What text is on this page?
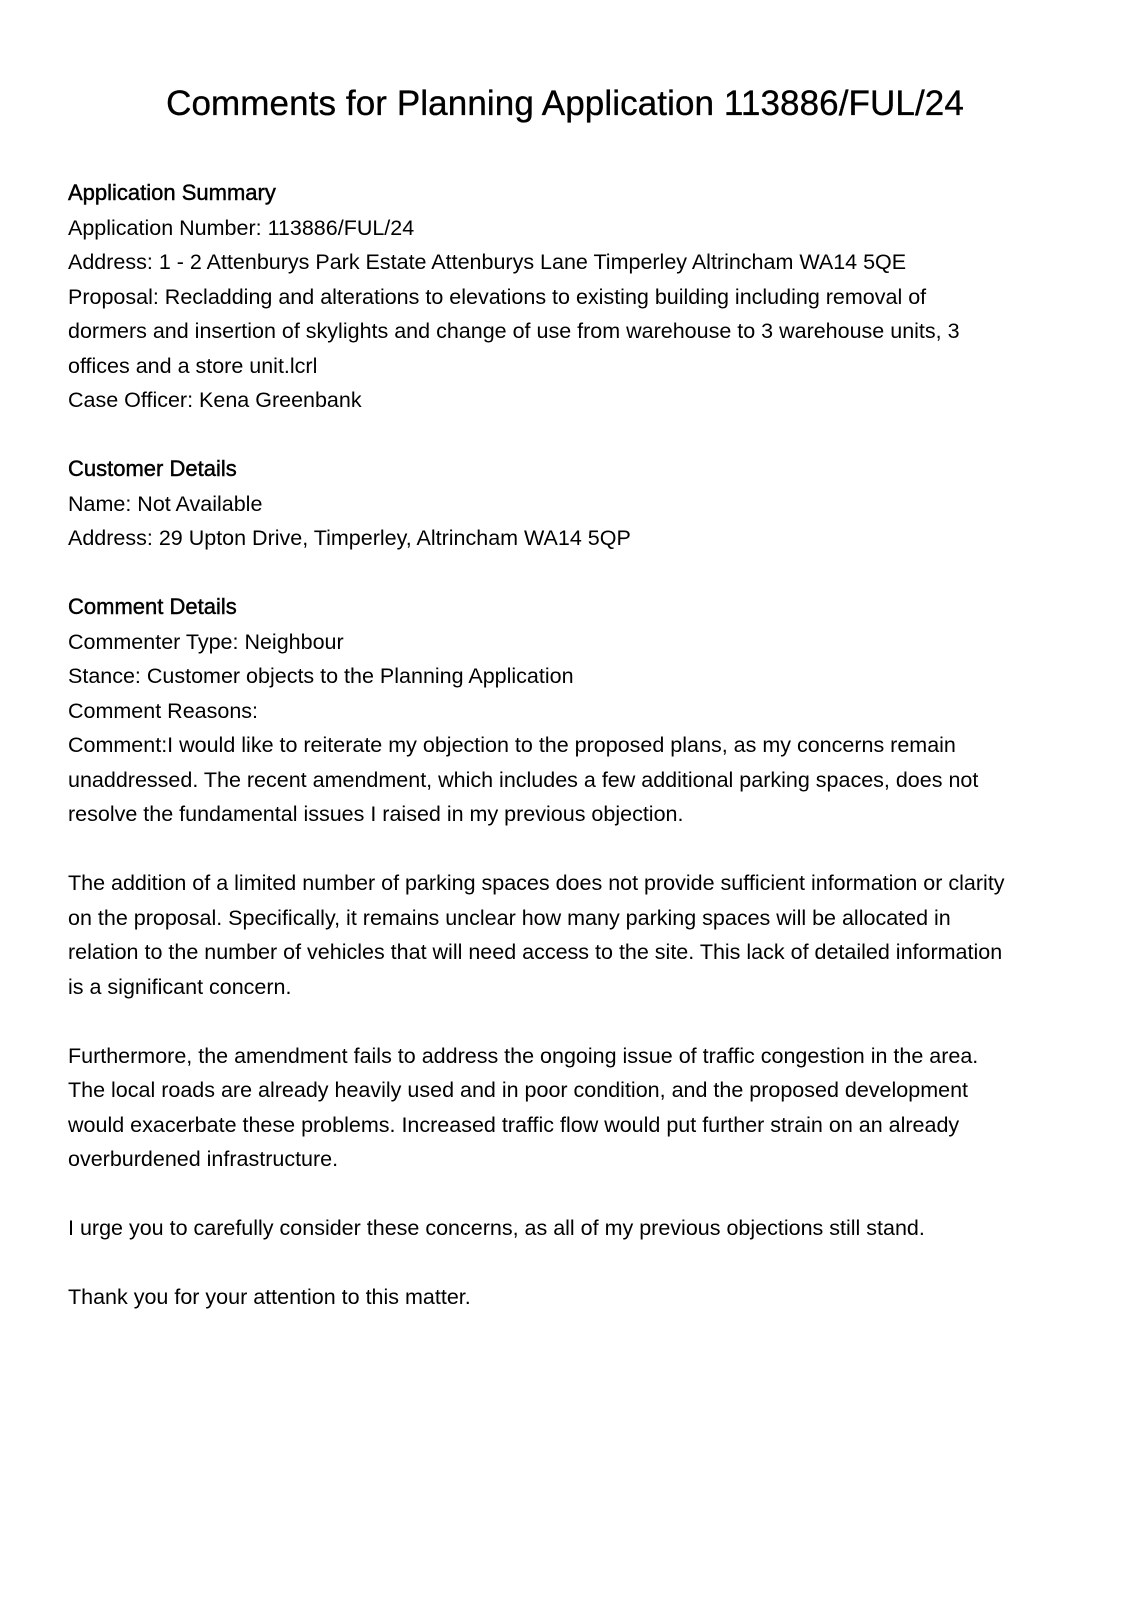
Comments for Planning Application 113886/FUL/24

Application Summary

Application Number: 113886/FUL/24

Address: 1 - 2 Attenburys Park Estate Attenburys Lane Timperley Altrincham WA14 5QE

Proposal: Recladding and alterations to elevations to existing building including removal of

dormers and insertion of skylights and change of use from warehouse to 3 warehouse units, 3

offices and a store unit.lcrl

Case Officer: Kena Greenbank

Customer Details

Name: Not Available

Address: 29 Upton Drive, Timperley, Altrincham WA14 5QP

Comment Details

Commenter Type: Neighbour

Stance: Customer objects to the Planning Application

Comment Reasons:

Comment:I would like to reiterate my objection to the proposed plans, as my concerns remain

unaddressed. The recent amendment, which includes a few additional parking spaces, does not

resolve the fundamental issues I raised in my previous objection.

The addition of a limited number of parking spaces does not provide sufficient information or clarity

on the proposal. Specifically, it remains unclear how many parking spaces will be allocated in

relation to the number of vehicles that will need access to the site. This lack of detailed information

is a significant concern.

Furthermore, the amendment fails to address the ongoing issue of traffic congestion in the area.

The local roads are already heavily used and in poor condition, and the proposed development

would exacerbate these problems. Increased traffic flow would put further strain on an already

overburdened infrastructure.

I urge you to carefully consider these concerns, as all of my previous objections still stand.

Thank you for your attention to this matter.
